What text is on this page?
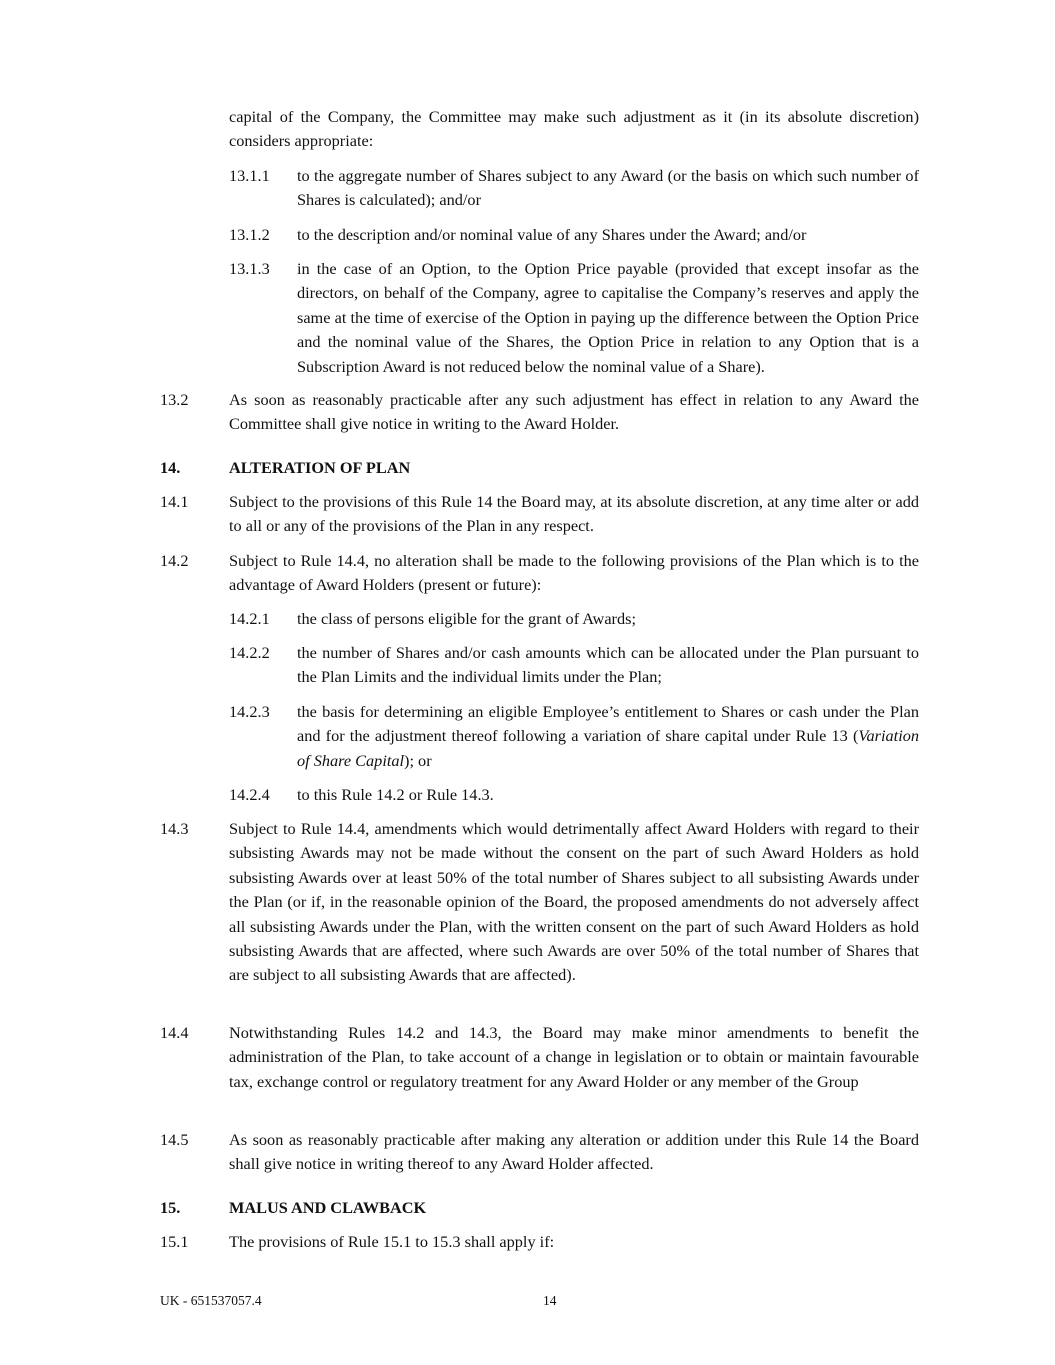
capital of the Company, the Committee may make such adjustment as it (in its absolute discretion) considers appropriate:
13.1.1 to the aggregate number of Shares subject to any Award (or the basis on which such number of Shares is calculated); and/or
13.1.2 to the description and/or nominal value of any Shares under the Award; and/or
13.1.3 in the case of an Option, to the Option Price payable (provided that except insofar as the directors, on behalf of the Company, agree to capitalise the Company’s reserves and apply the same at the time of exercise of the Option in paying up the difference between the Option Price and the nominal value of the Shares, the Option Price in relation to any Option that is a Subscription Award is not reduced below the nominal value of a Share).
13.2 As soon as reasonably practicable after any such adjustment has effect in relation to any Award the Committee shall give notice in writing to the Award Holder.
14.	ALTERATION OF PLAN
14.1 Subject to the provisions of this Rule 14 the Board may, at its absolute discretion, at any time alter or add to all or any of the provisions of the Plan in any respect.
14.2 Subject to Rule 14.4, no alteration shall be made to the following provisions of the Plan which is to the advantage of Award Holders (present or future):
14.2.1 the class of persons eligible for the grant of Awards;
14.2.2 the number of Shares and/or cash amounts which can be allocated under the Plan pursuant to the Plan Limits and the individual limits under the Plan;
14.2.3 the basis for determining an eligible Employee’s entitlement to Shares or cash under the Plan and for the adjustment thereof following a variation of share capital under Rule 13 (Variation of Share Capital); or
14.2.4 to this Rule 14.2 or Rule 14.3.
14.3 Subject to Rule 14.4, amendments which would detrimentally affect Award Holders with regard to their subsisting Awards may not be made without the consent on the part of such Award Holders as hold subsisting Awards over at least 50% of the total number of Shares subject to all subsisting Awards under the Plan (or if, in the reasonable opinion of the Board, the proposed amendments do not adversely affect all subsisting Awards under the Plan, with the written consent on the part of such Award Holders as hold subsisting Awards that are affected, where such Awards are over 50% of the total number of Shares that are subject to all subsisting Awards that are affected).
14.4 Notwithstanding Rules 14.2 and 14.3, the Board may make minor amendments to benefit the administration of the Plan, to take account of a change in legislation or to obtain or maintain favourable tax, exchange control or regulatory treatment for any Award Holder or any member of the Group
14.5 As soon as reasonably practicable after making any alteration or addition under this Rule 14 the Board shall give notice in writing thereof to any Award Holder affected.
15.	MALUS AND CLAWBACK
15.1 The provisions of Rule 15.1 to 15.3 shall apply if:
UK - 651537057.4	14
